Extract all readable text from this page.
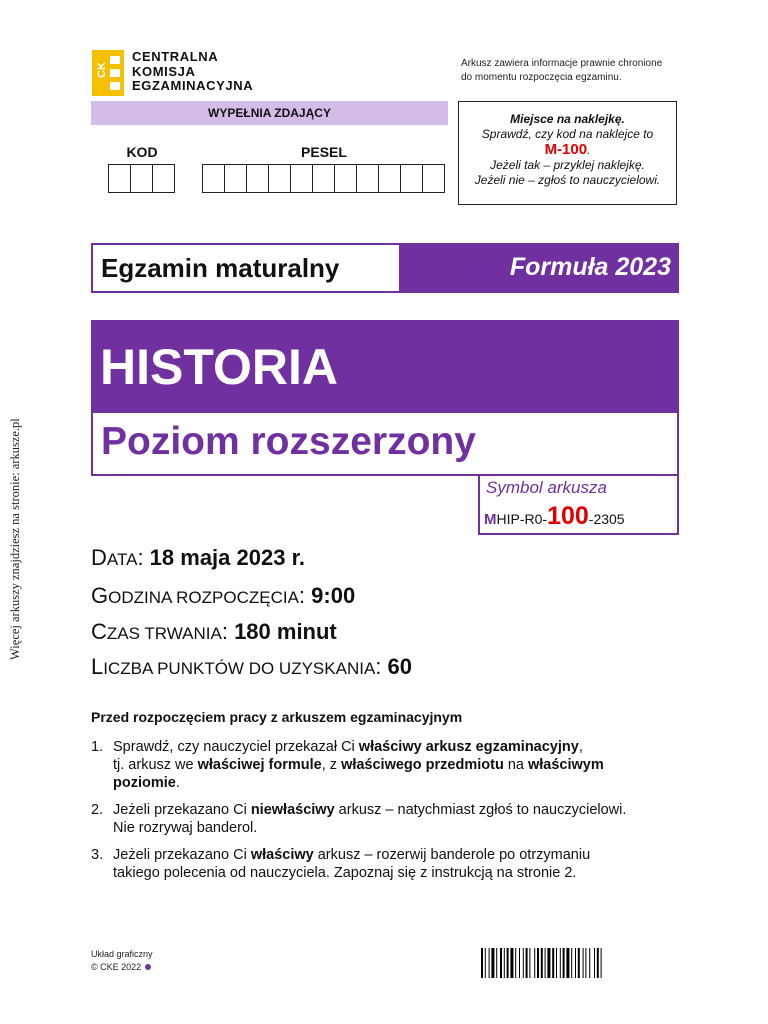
Więcej arkuszy znajdziesz na stronie: arkusze.pl
CK
CENTRALNA
KOMISJA
EGZAMINACYJNA
Arkusz zawiera informacje prawnie chronione
do momentu rozpoczęcia egzaminu.
WYPEŁNIA ZDAJĄCY
KOD	PESEL
Miejsce na naklejkę.
Sprawdź, czy kod na naklejce to
M-100.
Jeżeli tak – przyklej naklejkę.
Jeżeli nie – zgłoś to nauczycielowi.
Egzamin maturalny	Formuła 2023
HISTORIA
Poziom rozszerzony
Symbol arkusza
MHIP-R0-100-2305
DATA: 18 maja 2023 r.
GODZINA ROZPOCZĘCIA: 9:00
CZAS TRWANIA: 180 minut
LICZBA PUNKTÓW DO UZYSKANIA: 60
Przed rozpoczęciem pracy z arkuszem egzaminacyjnym
1. Sprawdź, czy nauczyciel przekazał Ci właściwy arkusz egzaminacyjny,
tj. arkusz we właściwej formule, z właściwego przedmiotu na właściwym poziomie.
2. Jeżeli przekazano Ci niewłaściwy arkusz – natychmiast zgłoś to nauczycielowi.
Nie rozrywaj banderol.
3. Jeżeli przekazano Ci właściwy arkusz – rozerwij banderole po otrzymaniu
takiego polecenia od nauczyciela. Zapoznaj się z instrukcją na stronie 2.
Układ graficzny
© CKE 2022
